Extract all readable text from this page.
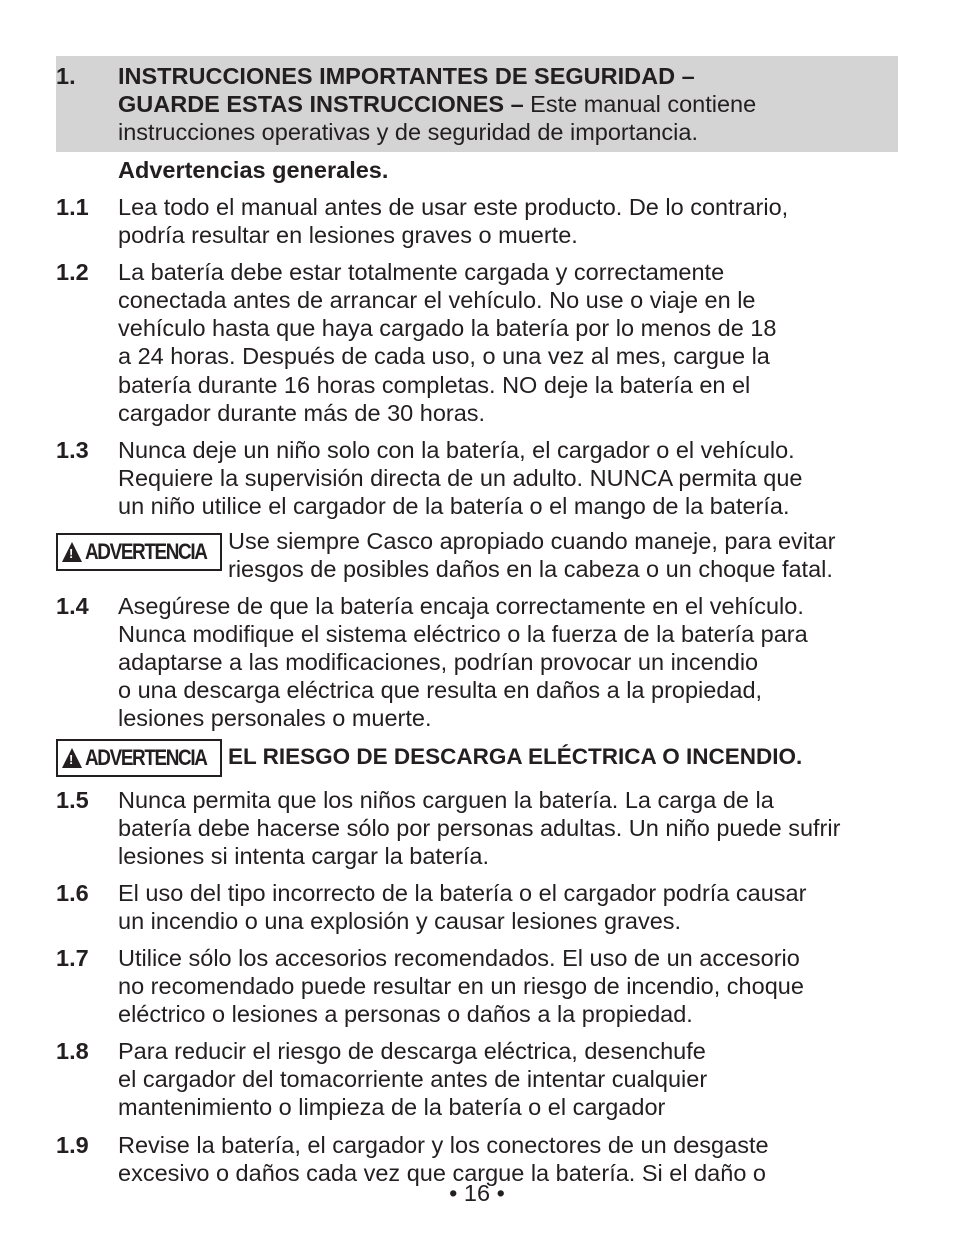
1.	INSTRUCCIONES IMPORTANTES DE SEGURIDAD –
GUARDE ESTAS INSTRUCCIONES – Este manual contiene instrucciones operativas y de seguridad de importancia.
Advertencias generales.
1.1	Lea todo el manual antes de usar este producto. De lo contrario,
podría resultar en lesiones graves o muerte.
1.2	La batería debe estar totalmente cargada y correctamente
conectada antes de arrancar el vehículo. No use o viaje en le
vehículo hasta que haya cargado la batería por lo menos de 18
a 24 horas. Después de cada uso, o una vez al mes, cargue la
batería durante 16 horas completas. NO deje la batería en el
cargador durante más de 30 horas.
1.3	Nunca deje un niño solo con la batería, el cargador o el vehículo.
Requiere la supervisión directa de un adulto. NUNCA permita que
un niño utilice el cargador de la batería o el mango de la batería.
! ADVERTENCIA Use siempre Casco apropiado cuando maneje, para evitar
riesgos de posibles daños en la cabeza o un choque fatal.
1.4	Asegúrese de que la batería encaja correctamente en el vehículo.
Nunca modifique el sistema eléctrico o la fuerza de la batería para
adaptarse a las modificaciones, podrían provocar un incendio
o una descarga eléctrica que resulta en daños a la propiedad,
lesiones personales o muerte.
! ADVERTENCIA EL RIESGO DE DESCARGA ELÉCTRICA O INCENDIO.
1.5	Nunca permita que los niños carguen la batería. La carga de la
batería debe hacerse sólo por personas adultas. Un niño puede sufrir
lesiones si intenta cargar la batería.
1.6	El uso del tipo incorrecto de la batería o el cargador podría causar
un incendio o una explosión y causar lesiones graves.
1.7	Utilice sólo los accesorios recomendados. El uso de un accesorio
no recomendado puede resultar en un riesgo de incendio, choque
eléctrico o lesiones a personas o daños a la propiedad.
1.8	Para reducir el riesgo de descarga eléctrica, desenchufe
el cargador del tomacorriente antes de intentar cualquier
mantenimiento o limpieza de la batería o el cargador
1.9	Revise la batería, el cargador y los conectores de un desgaste
excesivo o daños cada vez que cargue la batería. Si el daño o
• 16 •
